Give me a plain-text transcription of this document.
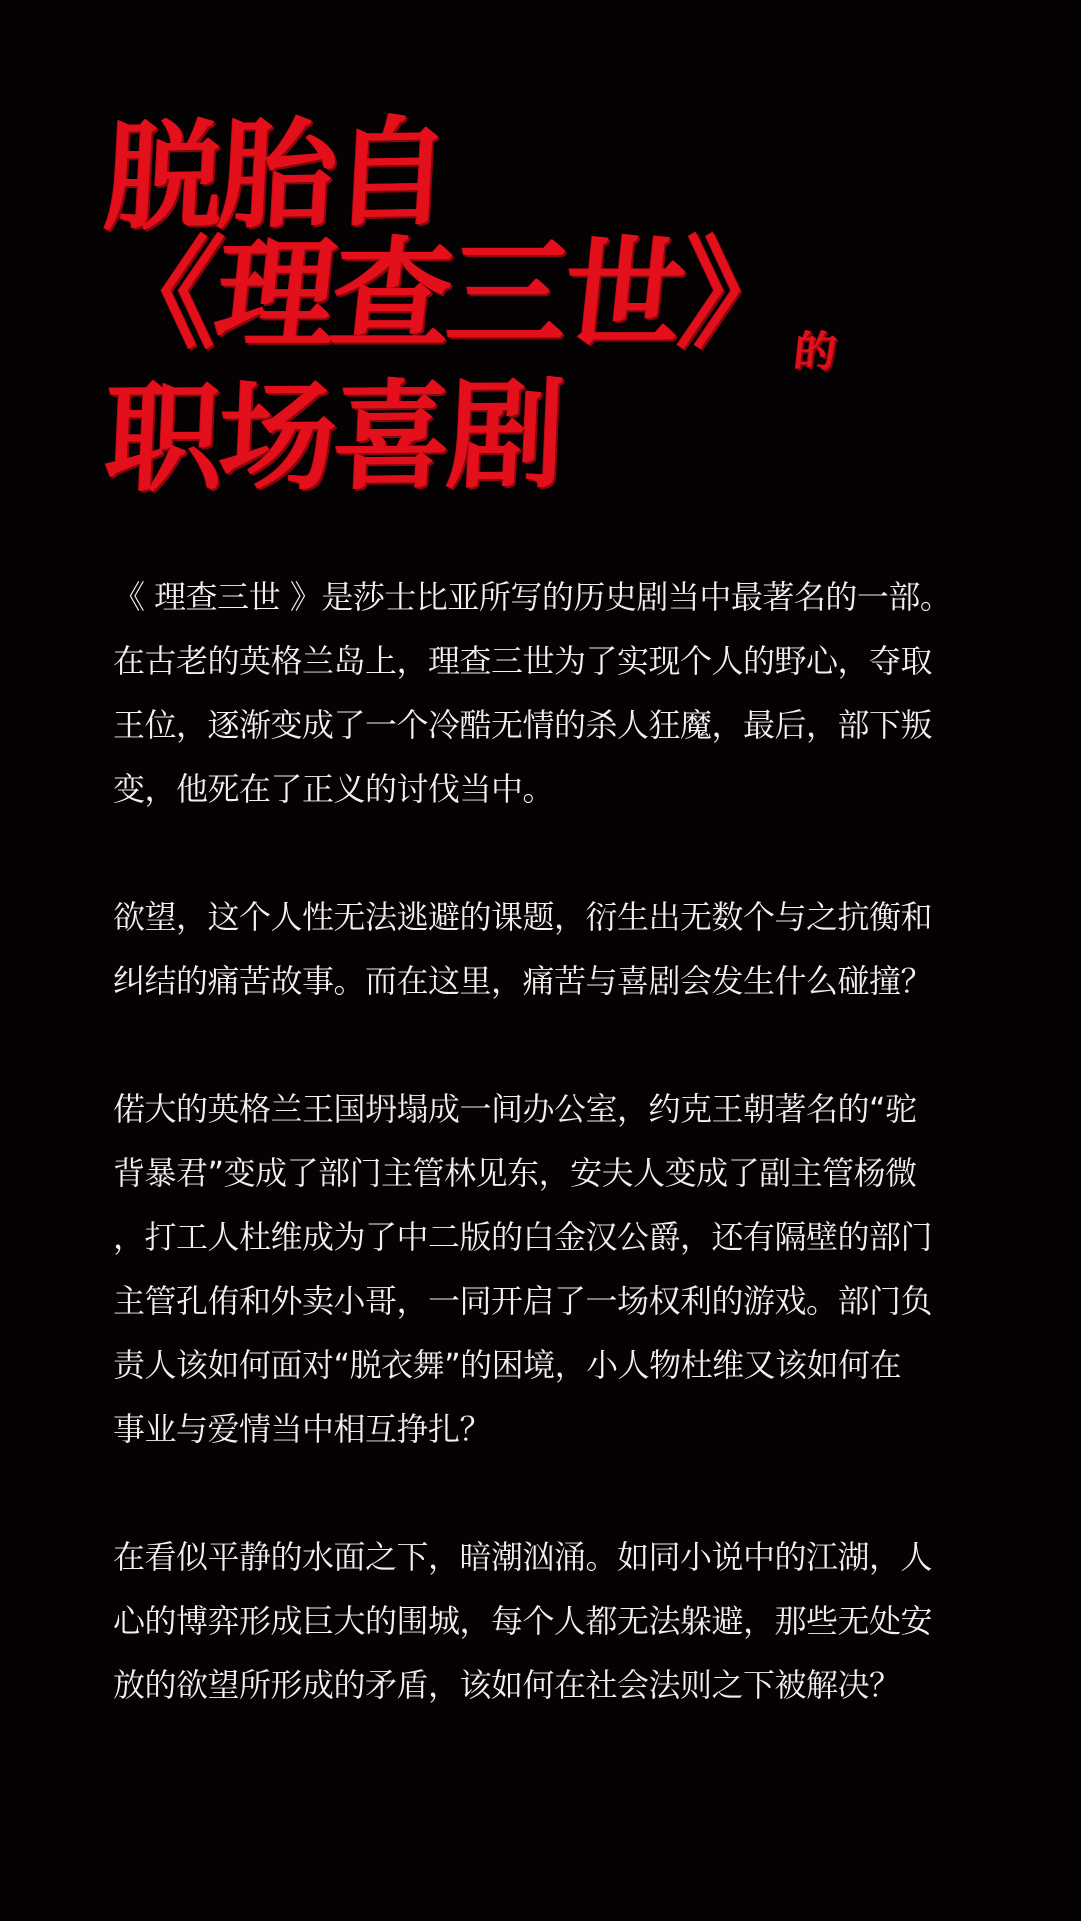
脱胎自
《理查三世》$_的$
职场喜剧

《 理查三世 》是莎士比亚所写的历史剧当中最著名的一部。
在古老的英格兰岛上，理查三世为了实现个人的野心，夺取
王位，逐渐变成了一个冷酷无情的杀人狂魔，最后，部下叛
变，他死在了正义的讨伐当中。

欲望，这个人性无法逃避的课题，衍生出无数个与之抗衡和
纠结的痛苦故事。而在这里，痛苦与喜剧会发生什么碰撞？

偌大的英格兰王国坍塌成一间办公室，约克王朝著名的“驼
背暴君”变成了部门主管林见东，安夫人变成了副主管杨微
，打工人杜维成为了中二版的白金汉公爵，还有隔壁的部门
主管孔侑和外卖小哥，一同开启了一场权利的游戏。部门负
责人该如何面对“脱衣舞”的困境，小人物杜维又该如何在
事业与爱情当中相互挣扎？

在看似平静的水面之下，暗潮汹涌。如同小说中的江湖，人
心的博弈形成巨大的围城，每个人都无法躲避，那些无处安
放的欲望所形成的矛盾，该如何在社会法则之下被解决？
